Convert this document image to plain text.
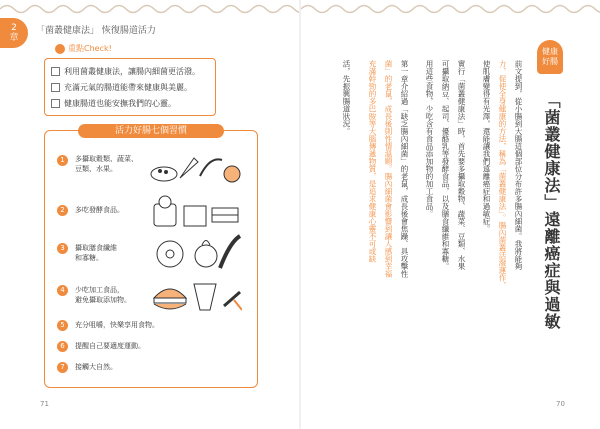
2
章
「菌叢健康法」 恢復腸道活力
重點Check!
利用菌叢健康法，讓腸內細菌更活潑。
充滿元氣的腸道能帶來健康與美麗。
健康腸道也能安撫我們的心靈。
活力好腸七個習慣
1	多攝取穀類、蔬菜、
豆類、水果。
2	多吃發酵食品。
3	攝取膳食纖維
和寡糖。
4	少吃加工食品，
避免攝取添加物。
5	充分咀嚼，快樂享用食物。
6	提醒自己要適度運動。
7	接觸大自然。
71
健康
好腸
「菌叢健康法」遠離癌症與過敏
前文提到，從小腸到大腸這個部位分布許多腸內細菌。我將能夠
力，促使全身健康的方法，稱為「菌叢健康法」。腸內菌叢活潑運作，
使肌膚變得有光澤，還能讓我們遠離癌症和過敏症。
實行「菌叢健康法」時，首先要多攝取穀物、蔬菜、豆類、水果
可攝取納豆、起司、優酪乳等發酵食品，以及膳食纖維和寡糖。
用這些食物，少吃含有食品添加物的加工食品。
第一章介紹過「缺乏腸內細菌」的老鼠，成長後會焦躁、具攻擊性
菌」的老鼠，成長後則性情溫順。腸內細菌會影響到讓人感到幸福
充滿幹勁的多巴胺等大腦傳遞物質，是追求健康心靈不可或缺
活，先振興腸道狀況。
70
